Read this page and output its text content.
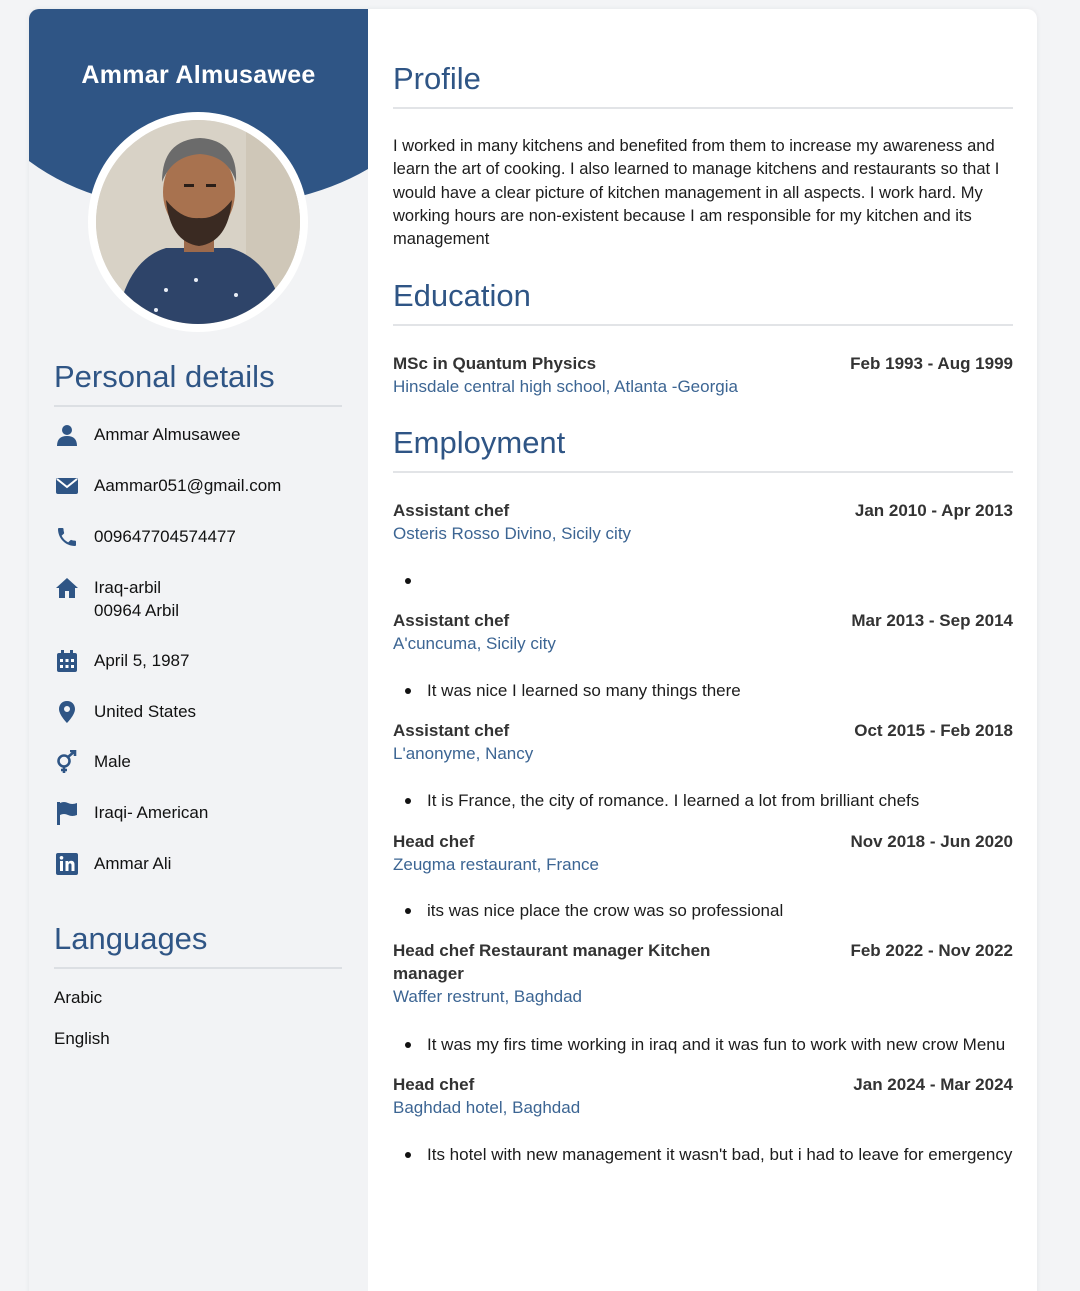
Ammar Almusawee
Personal details
Ammar Almusawee
Aammar051@gmail.com
009647704574477
Iraq-arbil
00964 Arbil
April 5, 1987
United States
Male
Iraqi- American
Ammar Ali
Languages
Arabic
English
Profile
I worked in many kitchens and benefited from them to increase my awareness and learn the art of cooking. I also learned to manage kitchens and restaurants so that I would have a clear picture of kitchen management in all aspects. I work hard. My working hours are non-existent because I am responsible for my kitchen and its management
Education
MSc in Quantum Physics	Feb 1993 - Aug 1999
Hinsdale central high school, Atlanta -Georgia
Employment
Assistant chef	Jan 2010 - Apr 2013
Osteris Rosso Divino, Sicily city
Assistant chef	Mar 2013 - Sep 2014
A'cuncuma, Sicily city
It was nice I learned so many things there
Assistant chef	Oct 2015 - Feb 2018
L'anonyme, Nancy
It is France, the city of romance. I learned a lot from brilliant chefs
Head chef	Nov 2018 - Jun 2020
Zeugma restaurant, France
its was nice place the crow was so professional
Head chef Restaurant manager Kitchen manager
Feb 2022 - Nov 2022
Waffer restrunt, Baghdad
It was my firs time working in iraq and it was fun to work with new crow Menu
Head chef	Jan 2024 - Mar 2024
Baghdad hotel, Baghdad
Its hotel with new management it wasn't bad, but i had to leave for emergency
